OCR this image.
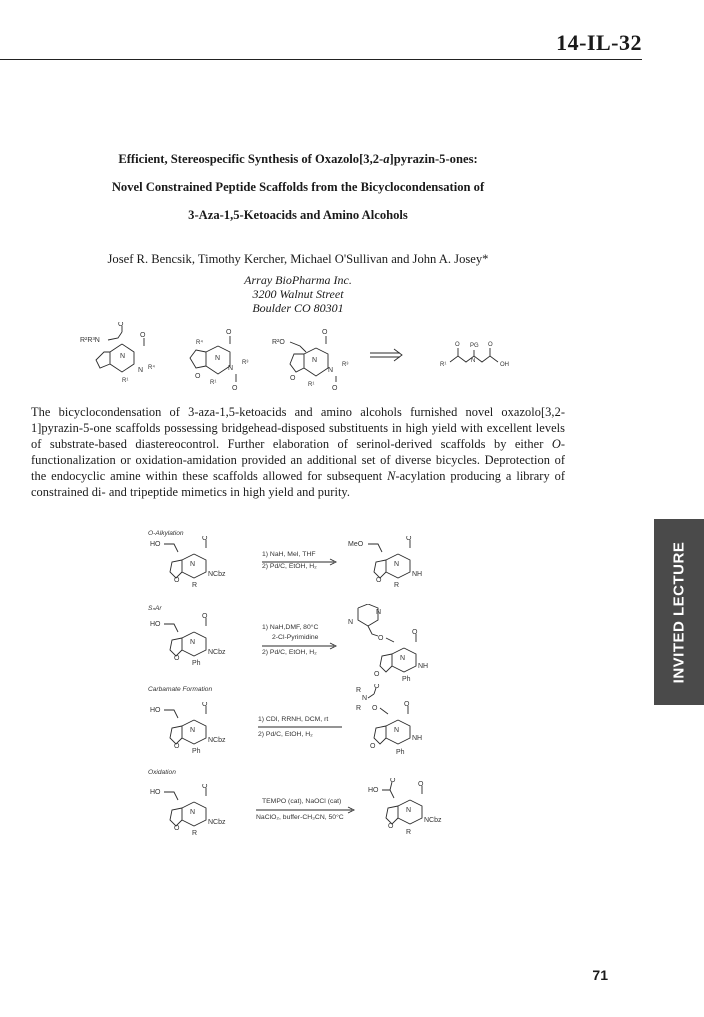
14-IL-32
Efficient, Stereospecific Synthesis of Oxazolo[3,2-a]pyrazin-5-ones:
Novel Constrained Peptide Scaffolds from the Bicyclocondensation of
3-Aza-1,5-Ketoacids and Amino Alcohols
Josef R. Bencsik, Timothy Kercher, Michael O'Sullivan and John A. Josey*
Array BioPharma Inc.
3200 Walnut Street
Boulder CO 80301
R²R³N
O
N
O
N R⁴
R¹
R⁴
O
N
O
N
R³
R¹
O
R²O
O
N
O
N
R³
R¹	O
R¹
O
N
PG O
OH

The bicyclocondensation of 3-aza-1,5-ketoacids and amino alcohols furnished novel oxazolo[3,2-1]pyrazin-5-one scaffolds possessing bridgehead-disposed substituents in high yield with excellent levels of substrate-based diastereocontrol. Further elaboration of serinol-derived scaffolds by either O-functionalization or oxidation-amidation provided an additional set of diverse bicycles. Deprotection of the endocyclic amine within these scaffolds allowed for subsequent N-acylation producing a library of constrained di- and tripeptide mimetics in high yield and purity.

O-Alkylation
HO
O
N
O
NCbz
R
1) NaH, MeI, THF
2) Pd/C, EtOH, H₂
MeO
O
N
O
NH
R
SₙAr
HO
O
N
O
NCbz
Ph
1) NaH,DMF, 80°C
2-Cl-Pyrimidine
2) Pd/C, EtOH, H₂
N
N
O
O
N
O
NH
Ph
Carbamate Formation
HO
O
N
O
NCbz
Ph
1) CDI, RRNH, DCM, rt
2) Pd/C, EtOH, H₂
R
N
R
O
O
O
N
O
NH
Ph
Oxidation
HO
O
N
O
NCbz
R
TEMPO (cat), NaOCl (cat)
NaClO₂, buffer-CH₃CN, 50°C
HO
O
O
N
O
NCbz
R
INVITED LECTURE
71
